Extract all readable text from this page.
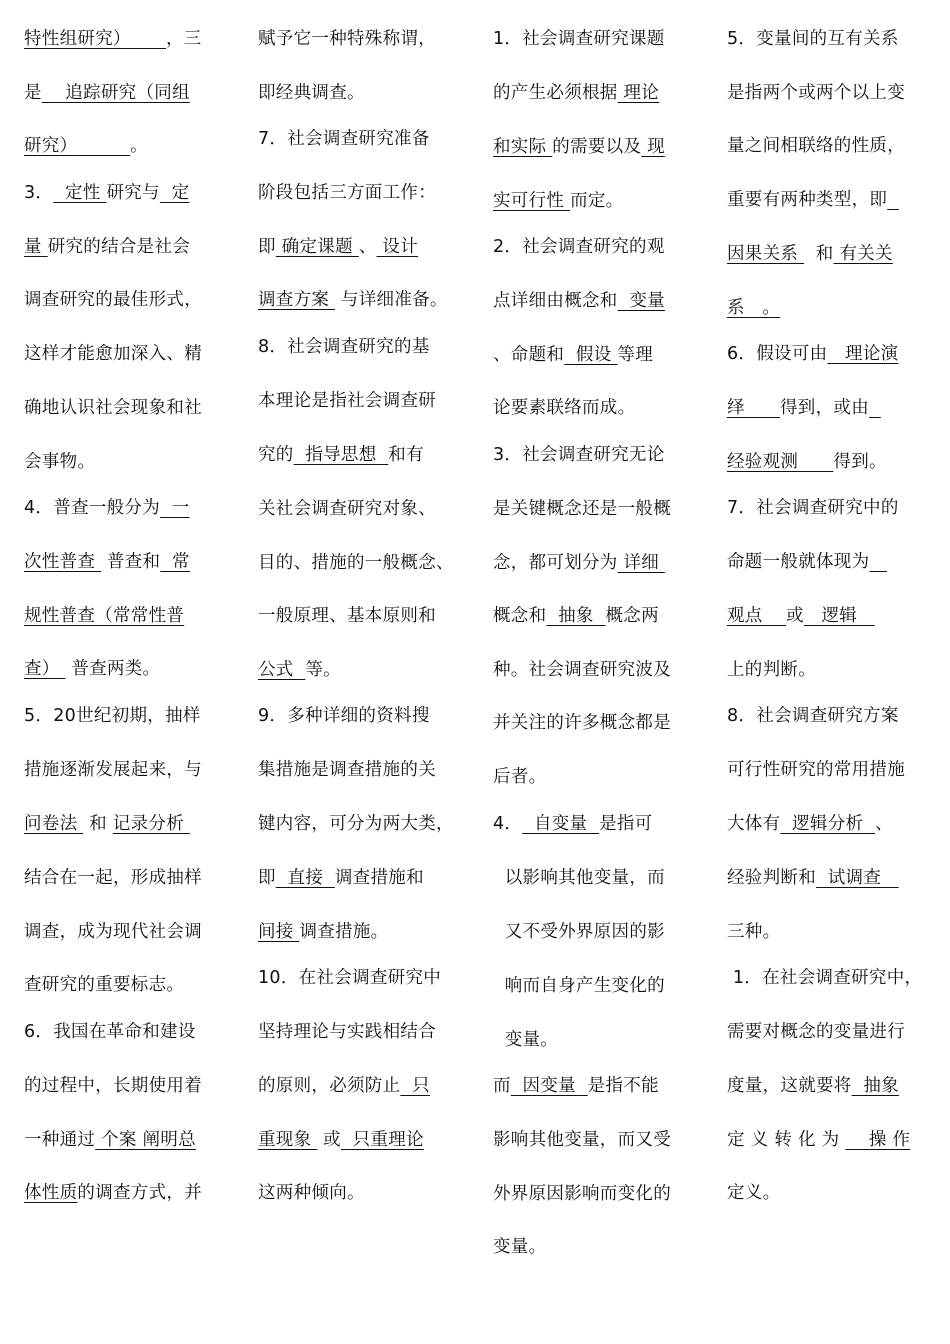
特性组研究） ，三
是    追踪研究（同组
研究）	。
3．  定性 研究与  定
量 研究的结合是社会
调查研究的最佳形式，
这样才能愈加深入、精
确地认识社会现象和社
会事物。
4．普查一般分为  一
次性普查  普查和  常
规性普查（常常性普
查）  普查两类。
5．20世纪初期，抽样
措施逐渐发展起来，与
问卷法  和 记录分析
结合在一起，形成抽样
调查，成为现代社会调
查研究的重要标志。
6．我国在革命和建设
的过程中，长期使用着
一种通过 个案 阐明总
体性质的调查方式，并
赋予它一种特殊称谓，
即经典调查。
7．社会调查研究准备
阶段包括三方面工作：
即 确定课题 、 设计
调查方案  与详细准备。
8．社会调查研究的基
本理论是指社会调查研
究的  指导思想  和有
关社会调查研究对象、
目的、措施的一般概念、
一般原理、基本原则和
公式  等。
9．多种详细的资料搜
集措施是调查措施的关
键内容，可分为两大类，
即  直接  调查措施和
间接 调查措施。
10．在社会调查研究中
坚持理论与实践相结合
的原则，必须防止  只
重现象  或  只重理论
这两种倾向。
1．社会调查研究课题
的产生必须根据 理论
和实际 的需要以及 现
实可行性 而定。
2．社会调查研究的观
点详细由概念和  变量
、命题和  假设 等理
论要素联络而成。
3．社会调查研究无论
是关键概念还是一般概
念，都可划分为 详细
概念和  抽象  概念两
种。社会调查研究波及
并关注的许多概念都是
后者。
4．  自变量  是指可
以影响其他变量，而
又不受外界原因的影
响而自身产生变化的
变量。
而  因变量  是指不能
影响其他变量，而又受
外界原因影响而变化的
变量。
5．变量间的互有关系
是指两个或两个以上变
量之间相联络的性质，
重要有两种类型，即
因果关系   和 有关关
系   。
6．假设可由   理论演
绎 得到，或由
经验观测 得到。
7．社会调查研究中的
命题一般就体现为
观点 或   逻辑
上的判断。
8．社会调查研究方案
可行性研究的常用措施
大体有  逻辑分析  、
经验判断和  试调查
三种。
1．在社会调查研究中，
需要对概念的变量进行
度量，这就要将  抽象
定 义 转 化 为     操 作
定义。
